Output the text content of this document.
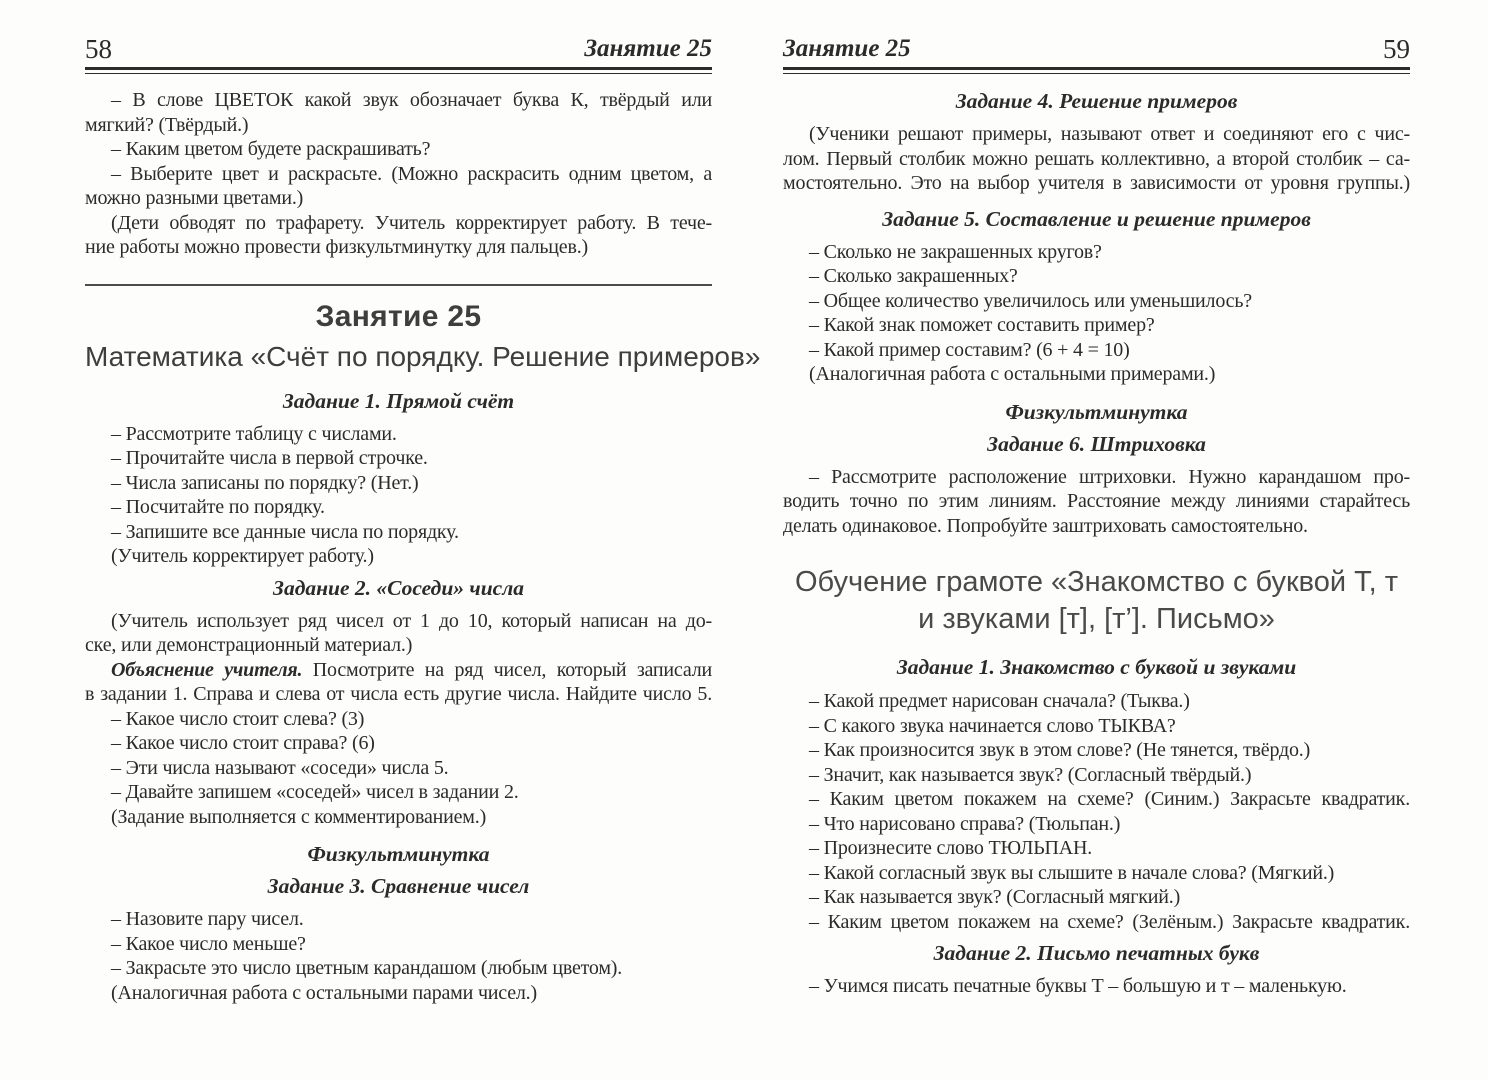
58	Занятие 25
– В слове ЦВЕТОК какой звук обозначает буква К, твёрдый или
мягкий? (Твёрдый.)
– Каким цветом будете раскрашивать?
– Выберите цвет и раскрасьте. (Можно раскрасить одним цветом, а
можно разными цветами.)
(Дети обводят по трафарету. Учитель корректирует работу. В тече-
ние работы можно провести физкультминутку для пальцев.)
Занятие 25
Математика «Счёт по порядку. Решение примеров»
Задание 1. Прямой счёт
– Рассмотрите таблицу с числами.
– Прочитайте числа в первой строчке.
– Числа записаны по порядку? (Нет.)
– Посчитайте по порядку.
– Запишите все данные числа по порядку.
(Учитель корректирует работу.)
Задание 2. «Соседи» числа
(Учитель использует ряд чисел от 1 до 10, который написан на до-
ске, или демонстрационный материал.)
Объяснение учителя. Посмотрите на ряд чисел, который записали
в задании 1. Справа и слева от числа есть другие числа. Найдите число 5.
– Какое число стоит слева? (3)
– Какое число стоит справа? (6)
– Эти числа называют «соседи» числа 5.
– Давайте запишем «соседей» чисел в задании 2.
(Задание выполняется с комментированием.)
Физкультминутка
Задание 3. Сравнение чисел
– Назовите пару чисел.
– Какое число меньше?
– Закрасьте это число цветным карандашом (любым цветом).
(Аналогичная работа с остальными парами чисел.)
Занятие 25	59
Задание 4. Решение примеров
(Ученики решают примеры, называют ответ и соединяют его с чис-
лом. Первый столбик можно решать коллективно, а второй столбик – са-
мостоятельно. Это на выбор учителя в зависимости от уровня группы.)
Задание 5. Составление и решение примеров
– Сколько не закрашенных кругов?
– Сколько закрашенных?
– Общее количество увеличилось или уменьшилось?
– Какой знак поможет составить пример?
– Какой пример составим? (6 + 4 = 10)
(Аналогичная работа с остальными примерами.)
Физкультминутка
Задание 6. Штриховка
– Рассмотрите расположение штриховки. Нужно карандашом про-
водить точно по этим линиям. Расстояние между линиями старайтесь
делать одинаковое. Попробуйте заштриховать самостоятельно.
Обучение грамоте «Знакомство с буквой Т, т
и звуками [т], [т’]. Письмо»
Задание 1. Знакомство с буквой и звуками
– Какой предмет нарисован сначала? (Тыква.)
– С какого звука начинается слово ТЫКВА?
– Как произносится звук в этом слове? (Не тянется, твёрдо.)
– Значит, как называется звук? (Согласный твёрдый.)
– Каким цветом покажем на схеме? (Синим.) Закрасьте квадратик.
– Что нарисовано справа? (Тюльпан.)
– Произнесите слово ТЮЛЬПАН.
– Какой согласный звук вы слышите в начале слова? (Мягкий.)
– Как называется звук? (Согласный мягкий.)
– Каким цветом покажем на схеме? (Зелёным.) Закрасьте квадратик.
Задание 2. Письмо печатных букв
– Учимся писать печатные буквы Т – большую и т – маленькую.
